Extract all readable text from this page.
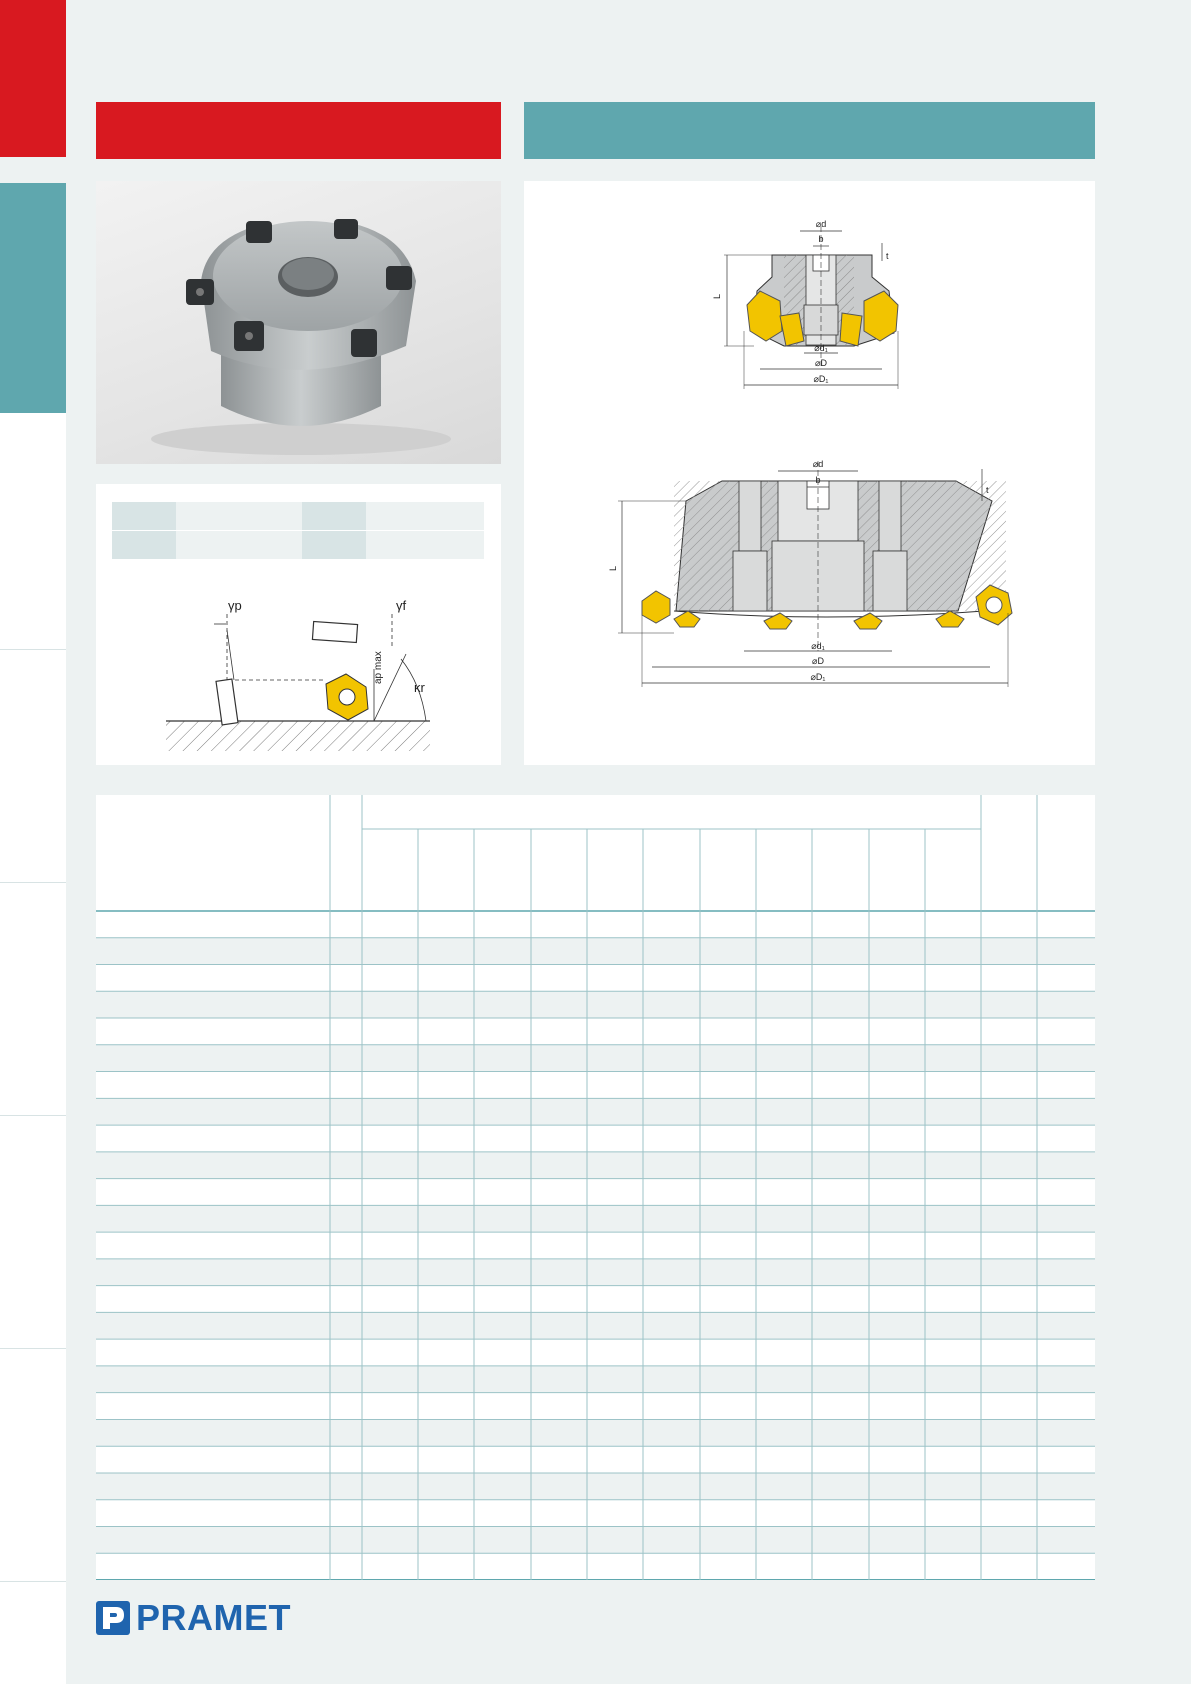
γp	γf
ap max
κr
⌀d
b
t
L
⌀d₁
⌀D
⌀D₁
⌀d
b
t
L
⌀d₁
⌀D
⌀D₁
PRAMET
